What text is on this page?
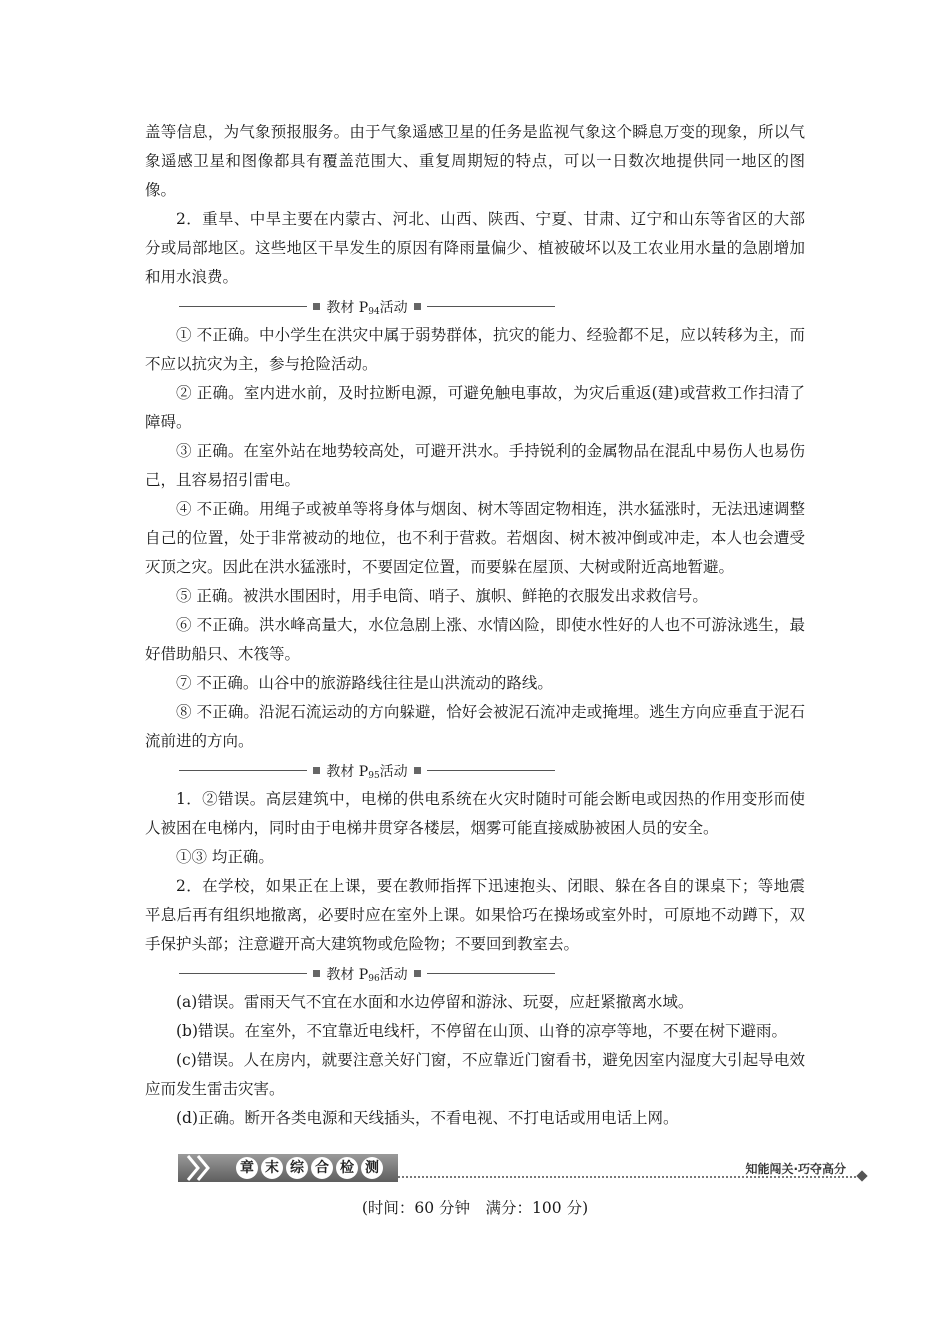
盖等信息，为气象预报服务。由于气象遥感卫星的任务是监视气象这个瞬息万变的现象，所以气象遥感卫星和图像都具有覆盖范围大、重复周期短的特点，可以一日数次地提供同一地区的图像。

2．重旱、中旱主要在内蒙古、河北、山西、陕西、宁夏、甘肃、辽宁和山东等省区的大部分或局部地区。这些地区干旱发生的原因有降雨量偏少、植被破坏以及工农业用水量的急剧增加和用水浪费。

教材 $P_{94}$活动

① 不正确。中小学生在洪灾中属于弱势群体，抗灾的能力、经验都不足，应以转移为主，而不应以抗灾为主，参与抢险活动。

② 正确。室内进水前，及时拉断电源，可避免触电事故，为灾后重返(建)或营救工作扫清了障碍。

③ 正确。在室外站在地势较高处，可避开洪水。手持锐利的金属物品在混乱中易伤人也易伤己，且容易招引雷电。

④ 不正确。用绳子或被单等将身体与烟囱、树木等固定物相连，洪水猛涨时，无法迅速调整自己的位置，处于非常被动的地位，也不利于营救。若烟囱、树木被冲倒或冲走，本人也会遭受灭顶之灾。因此在洪水猛涨时，不要固定位置，而要躲在屋顶、大树或附近高地暂避。

⑤ 正确。被洪水围困时，用手电筒、哨子、旗帜、鲜艳的衣服发出求救信号。

⑥ 不正确。洪水峰高量大，水位急剧上涨、水情凶险，即使水性好的人也不可游泳逃生，最好借助船只、木筏等。

⑦ 不正确。山谷中的旅游路线往往是山洪流动的路线。

⑧ 不正确。沿泥石流运动的方向躲避，恰好会被泥石流冲走或掩埋。逃生方向应垂直于泥石流前进的方向。

教材 $P_{95}$活动

1．②错误。高层建筑中，电梯的供电系统在火灾时随时可能会断电或因热的作用变形而使人被困在电梯内，同时由于电梯井贯穿各楼层，烟雾可能直接威胁被困人员的安全。

①③ 均正确。

2．在学校，如果正在上课，要在教师指挥下迅速抱头、闭眼、躲在各自的课桌下；等地震平息后再有组织地撤离，必要时应在室外上课。如果恰巧在操场或室外时，可原地不动蹲下，双手保护头部；注意避开高大建筑物或危险物；不要回到教室去。

教材 $P_{96}$活动

(a)错误。雷雨天气不宜在水面和水边停留和游泳、玩耍，应赶紧撤离水域。

(b)错误。在室外，不宜靠近电线杆，不停留在山顶、山脊的凉亭等地，不要在树下避雨。

(c)错误。人在房内，就要注意关好门窗，不应靠近门窗看书，避免因室内湿度大引起导电效应而发生雷击灾害。

(d)正确。断开各类电源和天线插头，不看电视、不打电话或用电话上网。

章 末 综 合 检 测	知能闯关·巧夺高分
(时间：60 分钟　满分：100 分)
